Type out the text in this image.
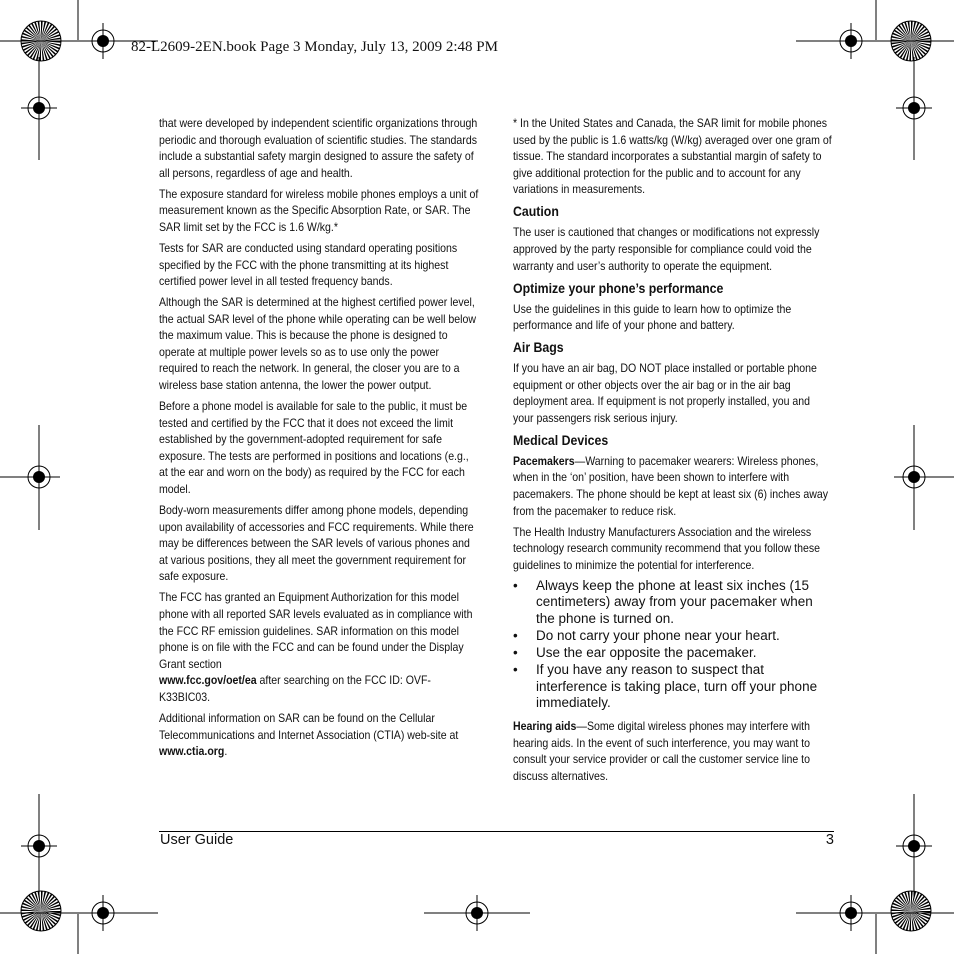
82-L2609-2EN.book Page 3 Monday, July 13, 2009 2:48 PM

that were developed by independent scientific organizations through periodic and thorough evaluation of scientific studies. The standards include a substantial safety margin designed to assure the safety of all persons, regardless of age and health.

The exposure standard for wireless mobile phones employs a unit of measurement known as the Specific Absorption Rate, or SAR. The SAR limit set by the FCC is 1.6 W/kg.*

Tests for SAR are conducted using standard operating positions specified by the FCC with the phone transmitting at its highest certified power level in all tested frequency bands.

Although the SAR is determined at the highest certified power level, the actual SAR level of the phone while operating can be well below the maximum value. This is because the phone is designed to operate at multiple power levels so as to use only the power required to reach the network. In general, the closer you are to a wireless base station antenna, the lower the power output.

Before a phone model is available for sale to the public, it must be tested and certified by the FCC that it does not exceed the limit established by the government-adopted requirement for safe exposure. The tests are performed in positions and locations (e.g., at the ear and worn on the body) as required by the FCC for each model.

Body-worn measurements differ among phone models, depending upon availability of accessories and FCC requirements. While there may be differences between the SAR levels of various phones and at various positions, they all meet the government requirement for safe exposure.

The FCC has granted an Equipment Authorization for this model phone with all reported SAR levels evaluated as in compliance with the FCC RF emission guidelines. SAR information on this model phone is on file with the FCC and can be found under the Display Grant section
www.fcc.gov/oet/ea after searching on the FCC ID: OVF-K33BIC03.

Additional information on SAR can be found on the Cellular Telecommunications and Internet Association (CTIA) web-site at www.ctia.org.

* In the United States and Canada, the SAR limit for mobile phones used by the public is 1.6 watts/kg (W/kg) averaged over one gram of tissue. The standard incorporates a substantial margin of safety to give additional protection for the public and to account for any variations in measurements.

Caution

The user is cautioned that changes or modifications not expressly approved by the party responsible for compliance could void the warranty and user’s authority to operate the equipment.

Optimize your phone’s performance

Use the guidelines in this guide to learn how to optimize the performance and life of your phone and battery.

Air Bags

If you have an air bag, DO NOT place installed or portable phone equipment or other objects over the air bag or in the air bag deployment area. If equipment is not properly installed, you and your passengers risk serious injury.

Medical Devices

Pacemakers—Warning to pacemaker wearers: Wireless phones, when in the ‘on’ position, have been shown to interfere with pacemakers. The phone should be kept at least six (6) inches away from the pacemaker to reduce risk.

The Health Industry Manufacturers Association and the wireless technology research community recommend that you follow these guidelines to minimize the potential for interference.

• Always keep the phone at least six inches (15 centimeters) away from your pacemaker when the phone is turned on.
• Do not carry your phone near your heart.
• Use the ear opposite the pacemaker.
• If you have any reason to suspect that interference is taking place, turn off your phone immediately.

Hearing aids—Some digital wireless phones may interfere with hearing aids. In the event of such interference, you may want to consult your service provider or call the customer service line to discuss alternatives.

User Guide	3
